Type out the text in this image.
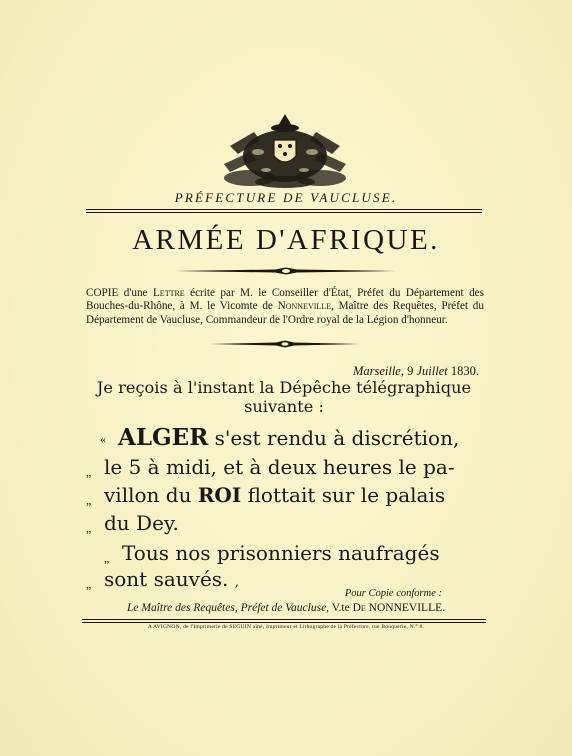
PRÉFECTURE DE VAUCLUSE.
ARMÉE D'AFRIQUE.
COPIE d'une Lettre écrite par M. le Conseiller d'État, Préfet du Département des Bouches-du-Rhône, à M. le Vicomte de Nonneville, Maître des Requêtes, Préfet du Département de Vaucluse, Commandeur de l'Ordre royal de la Légion d'honneur.
Marseille, 9 Juillet 1830.
Je reçois à l'instant la Dépêche télégraphique
suivante :
« ALGER s'est rendu à discrétion,
„ le 5 à midi, et à deux heures le pa-
„ villon du ROI flottait sur le palais
„ du Dey.
„ Tous nos prisonniers naufragés
„ sont sauvés. ,
Pour Copie conforme :
Le Maître des Requêtes, Préfet de Vaucluse, V.te De NONNEVILLE.
A AVIGNON, de l'Imprimerie de SEGUIN aîné, Imprimeur et Lithographe de la Préfecture, rue Bouquerie, N.° 8.
